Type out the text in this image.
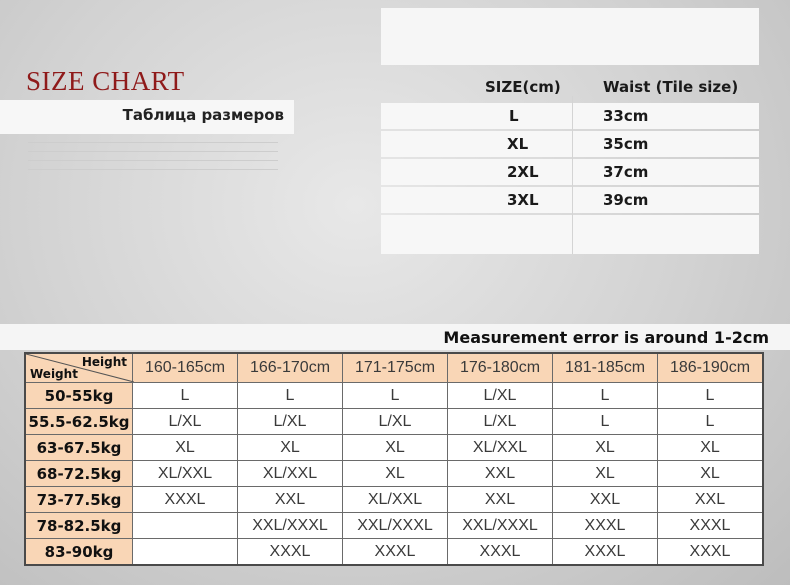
SIZE CHART
Таблица размеров
SIZE(cm)	Waist (Tile size)
L	33cm
XL	35cm
2XL	37cm
3XL	39cm
Measurement error is around 1-2cm
Height
Weight	160-165cm	166-170cm	171-175cm	176-180cm	181-185cm	186-190cm
50-55kg	L	L	L	L/XL	L	L
55.5-62.5kg	L/XL	L/XL	L/XL	L/XL	L	L
63-67.5kg	XL	XL	XL	XL/XXL	XL	XL
68-72.5kg	XL/XXL	XL/XXL	XL	XXL	XL	XL
73-77.5kg	XXXL	XXL	XL/XXL	XXL	XXL	XXL
78-82.5kg		XXL/XXXL	XXL/XXXL	XXL/XXXL	XXXL	XXXL
83-90kg		XXXL	XXXL	XXXL	XXXL	XXXL
